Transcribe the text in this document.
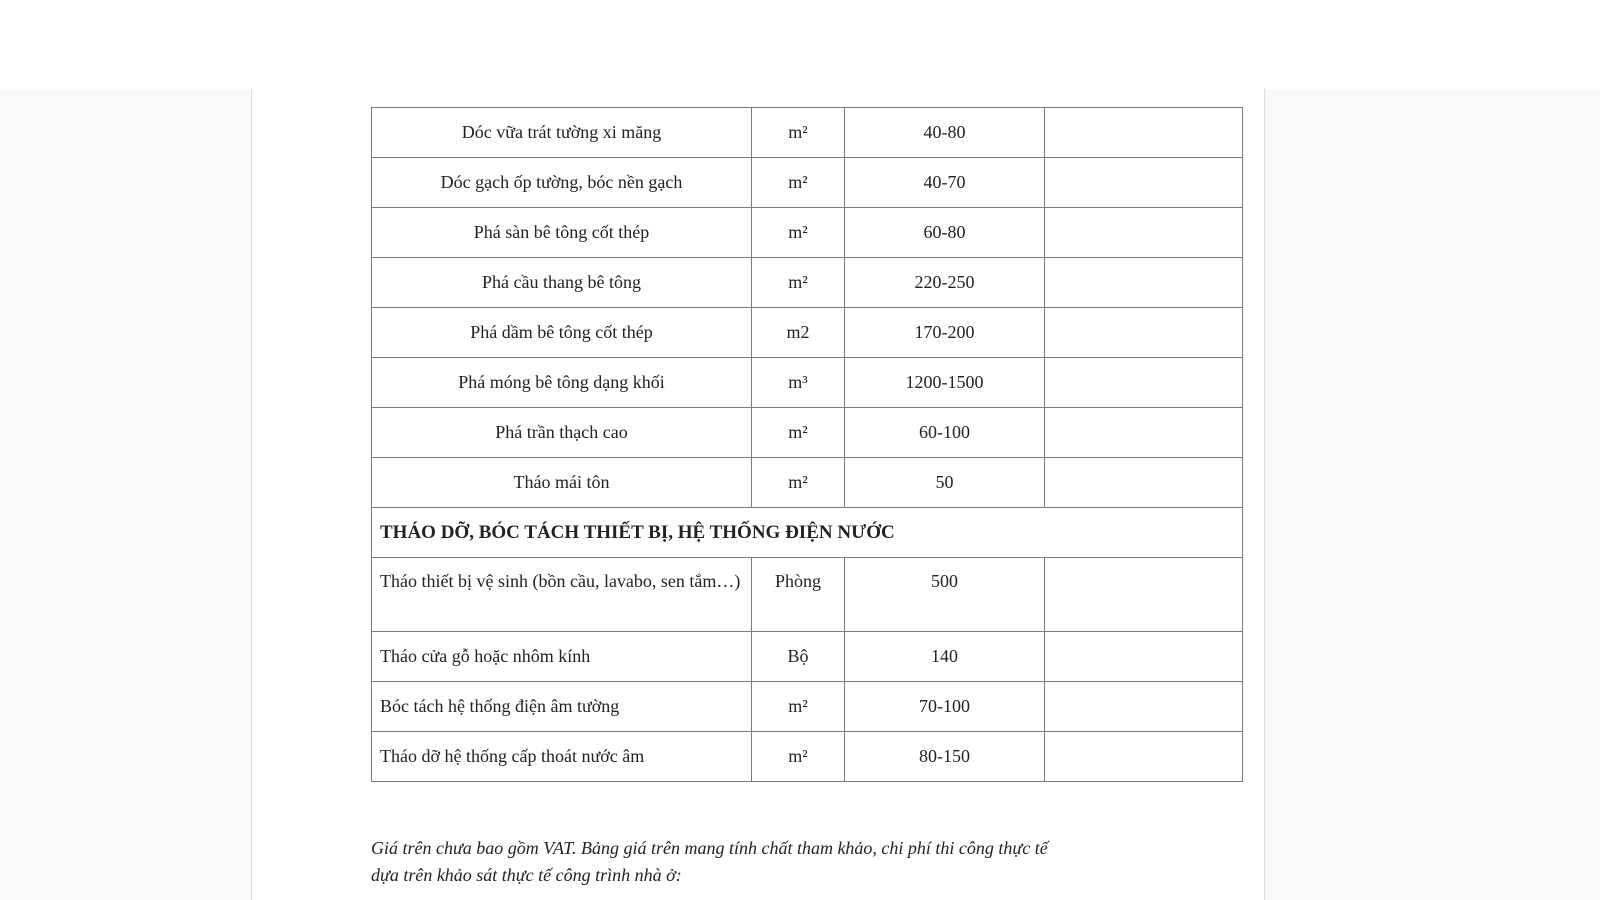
Dóc vữa trát tường xi măng	m²	40-80	
Dóc gạch ốp tường, bóc nền gạch	m²	40-70	
Phá sàn bê tông cốt thép	m²	60-80	
Phá cầu thang bê tông	m²	220-250	
Phá dầm bê tông cốt thép	m2	170-200	
Phá móng bê tông dạng khối	m³	1200-1500	
Phá trần thạch cao	m²	60-100	
Tháo mái tôn	m²	50	
THÁO DỠ, BÓC TÁCH THIẾT BỊ, HỆ THỐNG ĐIỆN NƯỚC			
Tháo thiết bị vệ sinh (bồn cầu, lavabo, sen tắm…)	Phòng	500	
Tháo cửa gỗ hoặc nhôm kính	Bộ	140	
Bóc tách hệ thống điện âm tường	m²	70-100	
Tháo dỡ hệ thống cấp thoát nước âm	m²	80-150	
Giá trên chưa bao gồm VAT. Bảng giá trên mang tính chất tham khảo, chi phí thi công thực tế
dựa trên khảo sát thực tế công trình nhà ở:
